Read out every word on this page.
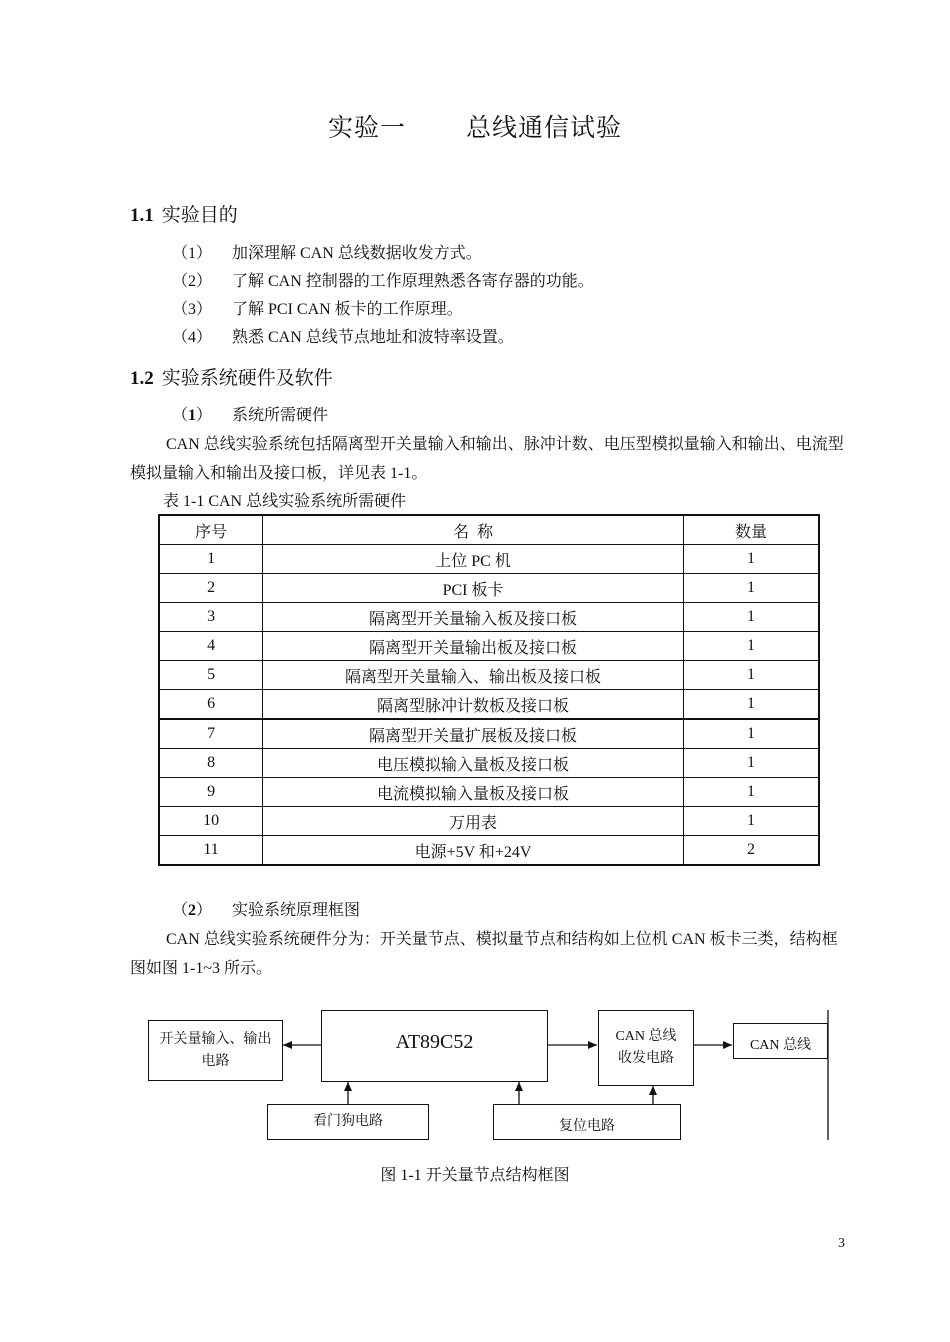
实验一 总线通信试验
1.1 实验目的
（1） 加深理解 CAN 总线数据收发方式。
（2） 了解 CAN 控制器的工作原理熟悉各寄存器的功能。
（3） 了解 PCI CAN 板卡的工作原理。
（4） 熟悉 CAN 总线节点地址和波特率设置。
1.2 实验系统硬件及软件
（1） 系统所需硬件
CAN 总线实验系统包括隔离型开关量输入和输出、脉冲计数、电压型模拟量输入和输出、电流型模拟量输入和输出及接口板，详见表 1-1。
表 1-1 CAN 总线实验系统所需硬件
序号	名  称	数量
1	上位 PC 机	1
2	PCI 板卡	1
3	隔离型开关量输入板及接口板	1
4	隔离型开关量输出板及接口板	1
5	隔离型开关量输入、输出板及接口板	1
6	隔离型脉冲计数板及接口板	1
7	隔离型开关量扩展板及接口板	1
8	电压模拟输入量板及接口板	1
9	电流模拟输入量板及接口板	1
10	万用表	1
11	电源+5V 和+24V	2
（2） 实验系统原理框图
CAN 总线实验系统硬件分为：开关量节点、模拟量节点和结构如上位机 CAN 板卡三类，结构框图如图 1-1~3 所示。
开关量输入、输出电路
AT89C52	CAN 总线收发电路
CAN 总线
看门狗电路	复位电路
图 1-1 开关量节点结构框图
3
